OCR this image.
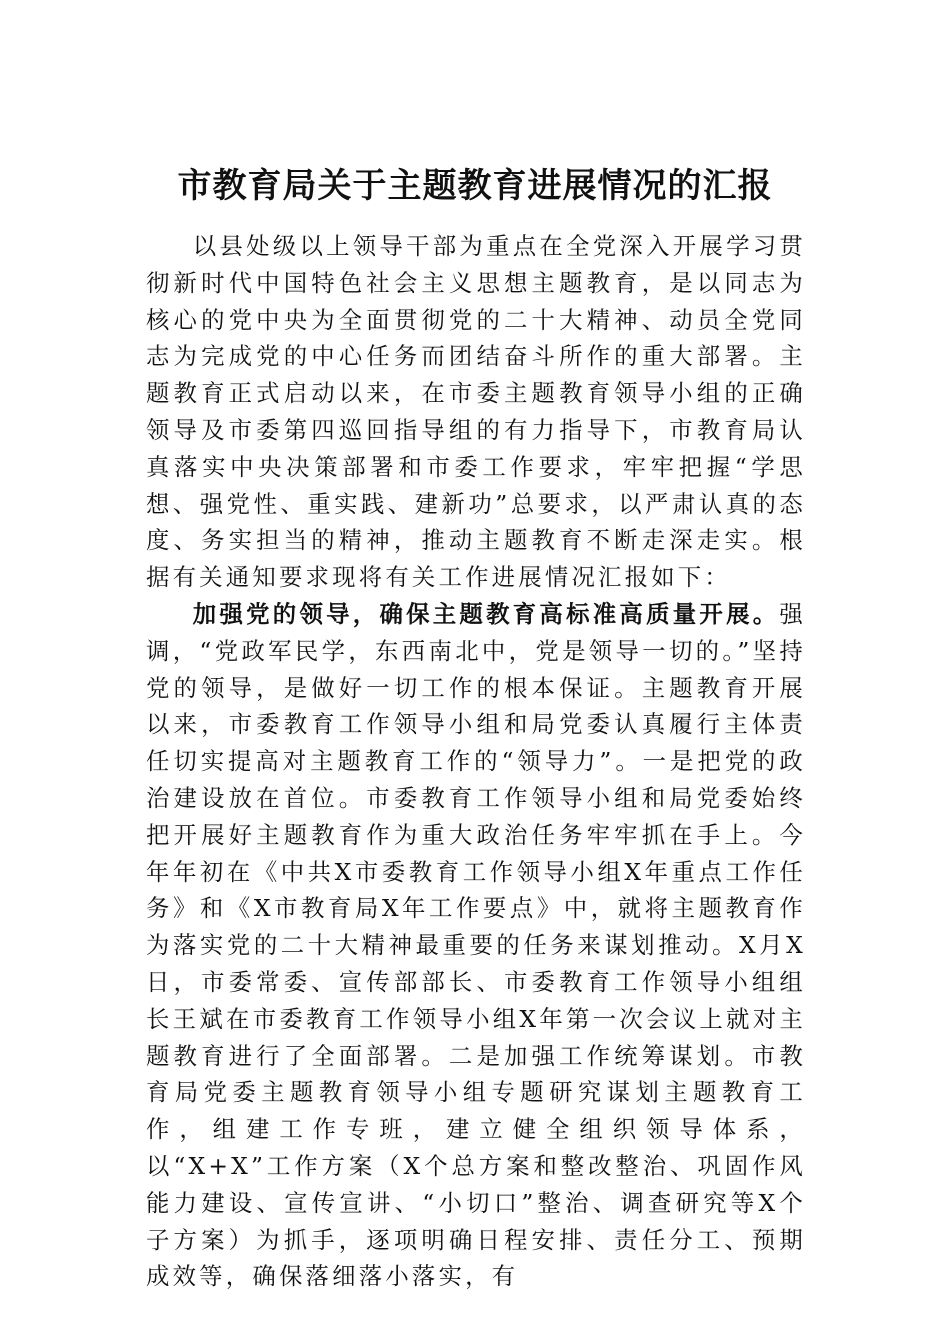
市教育局关于主题教育进展情况的汇报

以县处级以上领导干部为重点在全党深入开展学习贯彻新时代中国特色社会主义思想主题教育，是以同志为核心的党中央为全面贯彻党的二十大精神、动员全党同志为完成党的中心任务而团结奋斗所作的重大部署。主题教育正式启动以来，在市委主题教育领导小组的正确领导及市委第四巡回指导组的有力指导下，市教育局认真落实中央决策部署和市委工作要求，牢牢把握“学思想、强党性、重实践、建新功”总要求，以严肃认真的态度、务实担当的精神，推动主题教育不断走深走实。根据有关通知要求现将有关工作进展情况汇报如下：

加强党的领导，确保主题教育高标准高质量开展。强调，“党政军民学，东西南北中，党是领导一切的。”坚持党的领导，是做好一切工作的根本保证。主题教育开展以来，市委教育工作领导小组和局党委认真履行主体责任切实提高对主题教育工作的“领导力”。一是把党的政治建设放在首位。市委教育工作领导小组和局党委始终把开展好主题教育作为重大政治任务牢牢抓在手上。今年年初在《中共X市委教育工作领导小组X年重点工作任务》和《X市教育局X年工作要点》中，就将主题教育作为落实党的二十大精神最重要的任务来谋划推动。X月X日，市委常委、宣传部部长、市委教育工作领导小组组长王斌在市委教育工作领导小组X年第一次会议上就对主题教育进行了全面部署。二是加强工作统筹谋划。市教育局党委主题教育领导小组专题研究谋划主题教育工作，组建工作专班，建立健全组织领导体系，以“X+X”工作方案（X个总方案和整改整治、巩固作风能力建设、宣传宣讲、“小切口”整治、调查研究等X个子方案）为抓手，逐项明确日程安排、责任分工、预期成效等，确保落细落小落实，有
